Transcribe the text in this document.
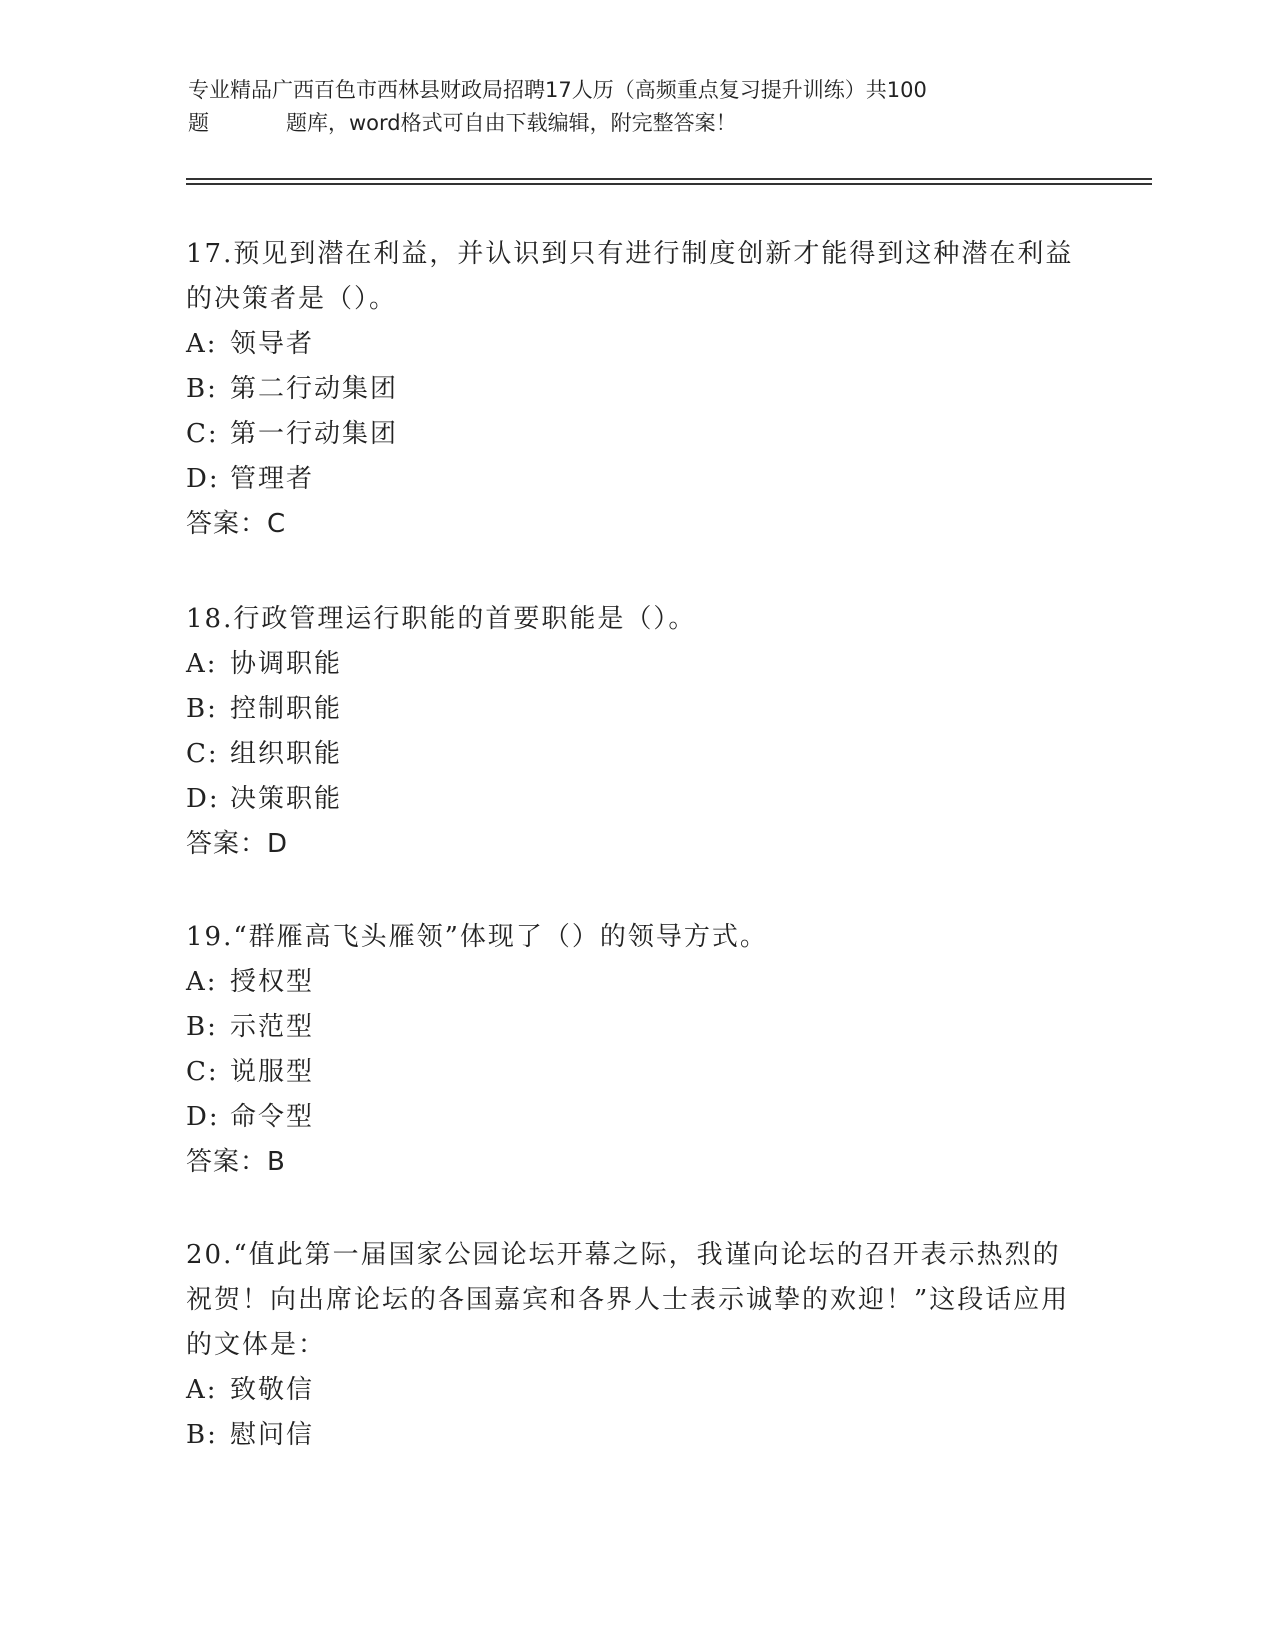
专业精品广西百色市西林县财政局招聘17人历（高频重点复习提升训练）共100
题	题库，word格式可自由下载编辑，附完整答案！

17.预见到潜在利益，并认识到只有进行制度创新才能得到这种潜在利益的决策者是（）。

A: 领导者

B: 第二行动集团

C: 第一行动集团

D: 管理者

答案：C

18.行政管理运行职能的首要职能是（）。

A: 协调职能

B: 控制职能

C: 组织职能

D: 决策职能

答案：D

19.“群雁高飞头雁领”体现了（）的领导方式。

A: 授权型

B: 示范型

C: 说服型

D: 命令型

答案：B

20.“值此第一届国家公园论坛开幕之际，我谨向论坛的召开表示热烈的祝贺！向出席论坛的各国嘉宾和各界人士表示诚挚的欢迎！”这段话应用的文体是：

A: 致敬信

B: 慰问信
